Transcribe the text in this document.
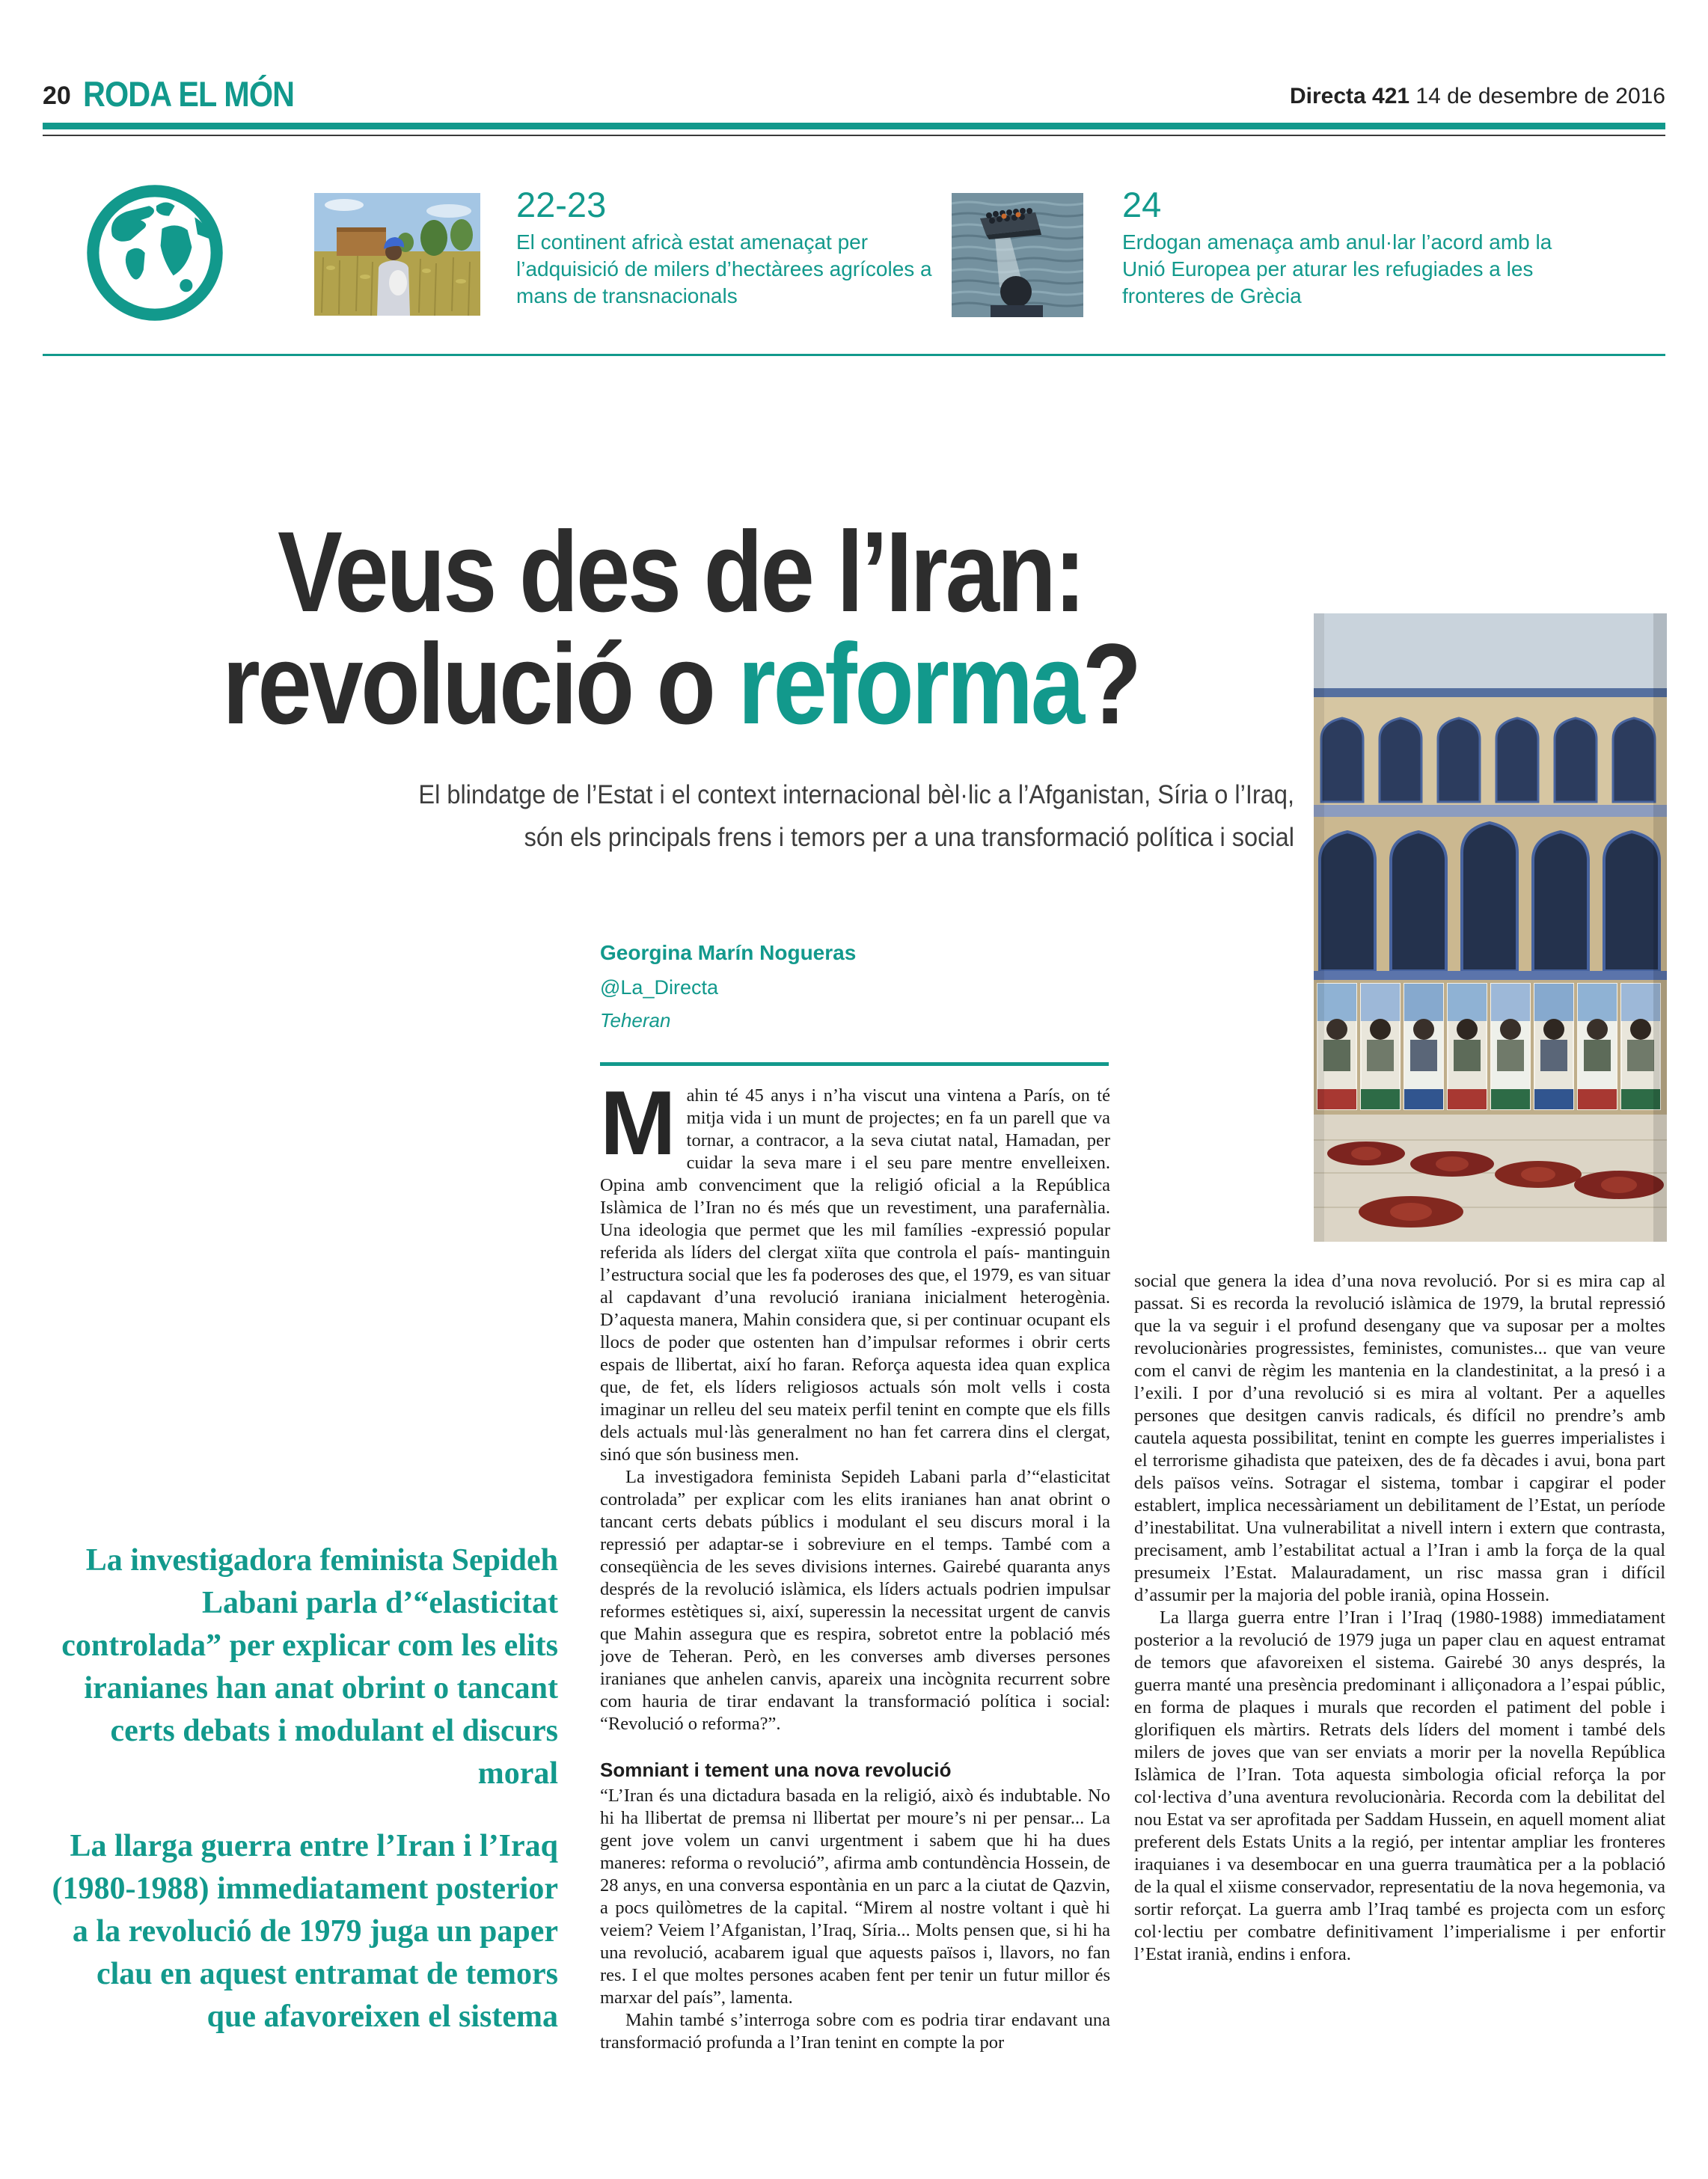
20 RODA EL MÓN	Directa 421 14 de desembre de 2016
22-23
El continent africà estat amenaçat per l’adquisició de milers d’hectàrees agrícoles a mans de transnacionals
24
Erdogan amenaça amb anul·lar l’acord amb la Unió Europea per aturar les refugiades a les fronteres de Grècia
Veus des de l’Iran:
revolució o reforma?
El blindatge de l’Estat i el context internacional bèl·lic a l’Afganistan, Síria o l’Iraq,
són els principals frens i temors per a una transformació política i social
Georgina Marín Nogueras
@La_Directa
Teheran

Mahin té 45 anys i n’ha viscut una vintena a París, on té mitja vida i un munt de projectes; en fa un parell que va tornar, a contracor, a la seva ciutat natal, Hamadan, per cuidar la seva mare i el seu pare mentre envelleixen. Opina amb convenciment que la religió oficial a la República Islàmica de l’Iran no és més que un revestiment, una parafernàlia. Una ideologia que permet que les mil famílies -expressió popular referida als líders del clergat xiïta que controla el país- mantinguin l’estructura social que les fa poderoses des que, el 1979, es van situar al capdavant d’una revolució iraniana inicialment heterogènia. D’aquesta manera, Mahin considera que, si per continuar ocupant els llocs de poder que ostenten han d’impulsar reformes i obrir certs espais de llibertat, així ho faran. Reforça aquesta idea quan explica que, de fet, els líders religiosos actuals són molt vells i costa imaginar un relleu del seu mateix perfil tenint en compte que els fills dels actuals mul·làs generalment no han fet carrera dins el clergat, sinó que són business men.

La investigadora feminista Sepideh Labani parla d’“elasticitat controlada” per explicar com les elits iranianes han anat obrint o tancant certs debats públics i modulant el seu discurs moral i la repressió per adaptar-se i sobreviure en el temps. També com a conseqüència de les seves divisions internes. Gairebé quaranta anys després de la revolució islàmica, els líders actuals podrien impulsar reformes estètiques si, així, superessin la necessitat urgent de canvis que Mahin assegura que es respira, sobretot entre la població més jove de Teheran. Però, en les converses amb diverses persones iranianes que anhelen canvis, apareix una incògnita recurrent sobre com hauria de tirar endavant la transformació política i social: “Revolució o reforma?”.

Somniant i tement una nova revolució

“L’Iran és una dictadura basada en la religió, això és indubtable. No hi ha llibertat de premsa ni llibertat per moure’s ni per pensar... La gent jove volem un canvi urgentment i sabem que hi ha dues maneres: reforma o revolució”, afirma amb contundència Hossein, de 28 anys, en una conversa espontània en un parc a la ciutat de Qazvin, a pocs quilòmetres de la capital. “Mirem al nostre voltant i què hi veiem? Veiem l’Afganistan, l’Iraq, Síria... Molts pensen que, si hi ha una revolució, acabarem igual que aquests països i, llavors, no fan res. I el que moltes persones acaben fent per tenir un futur millor és marxar del país”, lamenta.

Mahin també s’interroga sobre com es podria tirar endavant una transformació profunda a l’Iran tenint en compte la por

social que genera la idea d’una nova revolució. Por si es mira cap al passat. Si es recorda la revolució islàmica de 1979, la brutal repressió que la va seguir i el profund desengany que va suposar per a moltes revolucionàries progressistes, feministes, comunistes... que van veure com el canvi de règim les mantenia en la clandestinitat, a la presó i a l’exili. I por d’una revolució si es mira al voltant. Per a aquelles persones que desitgen canvis radicals, és difícil no prendre’s amb cautela aquesta possibilitat, tenint en compte les guerres imperialistes i el terrorisme gihadista que pateixen, des de fa dècades i avui, bona part dels països veïns. Sotragar el sistema, tombar i capgirar el poder establert, implica necessàriament un debilitament de l’Estat, un període d’inestabilitat. Una vulnerabilitat a nivell intern i extern que contrasta, precisament, amb l’estabilitat actual a l’Iran i amb la força de la qual presumeix l’Estat. Malauradament, un risc massa gran i difícil d’assumir per la majoria del poble iranià, opina Hossein.

La llarga guerra entre l’Iran i l’Iraq (1980-1988) immediatament posterior a la revolució de 1979 juga un paper clau en aquest entramat de temors que afavoreixen el sistema. Gairebé 30 anys després, la guerra manté una presència predominant i alliçonadora a l’espai públic, en forma de plaques i murals que recorden el patiment del poble i glorifiquen els màrtirs. Retrats dels líders del moment i també dels milers de joves que van ser enviats a morir per la novella República Islàmica de l’Iran. Tota aquesta simbologia oficial reforça la por col·lectiva d’una aventura revolucionària. Recorda com la debilitat del nou Estat va ser aprofitada per Saddam Hussein, en aquell moment aliat preferent dels Estats Units a la regió, per intentar ampliar les fronteres iraquianes i va desembocar en una guerra traumàtica per a la població de la qual el xiisme conservador, representatiu de la nova hegemonia, va sortir reforçat. La guerra amb l’Iraq també es projecta com un esforç col·lectiu per combatre definitivament l’imperialisme i per enfortir l’Estat iranià, endins i enfora.

La investigadora feminista Sepideh Labani parla d’“elasticitat controlada” per explicar com les elits iranianes han anat obrint o tancant certs debats i modulant el discurs moral

La llarga guerra entre l’Iran i l’Iraq (1980-1988) immediatament posterior a la revolució de 1979 juga un paper clau en aquest entramat de temors que afavoreixen el sistema
